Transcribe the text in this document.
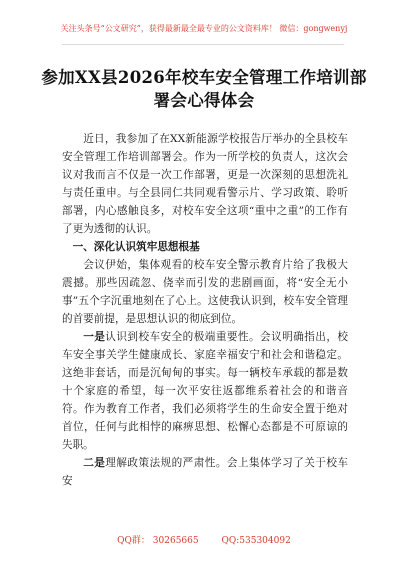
关注头条号“公文研究”，获得最新最全最专业的公文资料库！ 微信：gongwenyj
参加XX县2026年校车安全管理工作培训部署会心得体会

近日，我参加了在XX新能源学校报告厅举办的全县校车安全管理工作培训部署会。作为一所学校的负责人，这次会议对我而言不仅是一次工作部署，更是一次深刻的思想洗礼与责任重申。与全县同仁共同观看警示片、学习政策、聆听部署，内心感触良多，对校车安全这项“重中之重”的工作有了更为透彻的认识。

一、深化认识筑牢思想根基

会议伊始，集体观看的校车安全警示教育片给了我极大震撼。那些因疏忽、侥幸而引发的悲剧画面，将“安全无小事”五个字沉重地刻在了心上。这使我认识到，校车安全管理的首要前提，是思想认识的彻底到位。

一是认识到校车安全的极端重要性。会议明确指出，校车安全事关学生健康成长、家庭幸福安宁和社会和谐稳定。这绝非套话，而是沉甸甸的事实。每一辆校车承载的都是数十个家庭的希望，每一次平安往返都维系着社会的和谐音符。作为教育工作者，我们必须将学生的生命安全置于绝对首位，任何与此相悖的麻痹思想、松懈心态都是不可原谅的失职。

二是理解政策法规的严肃性。会上集体学习了关于校车安

QQ群： 30265665        QQ:535304092
